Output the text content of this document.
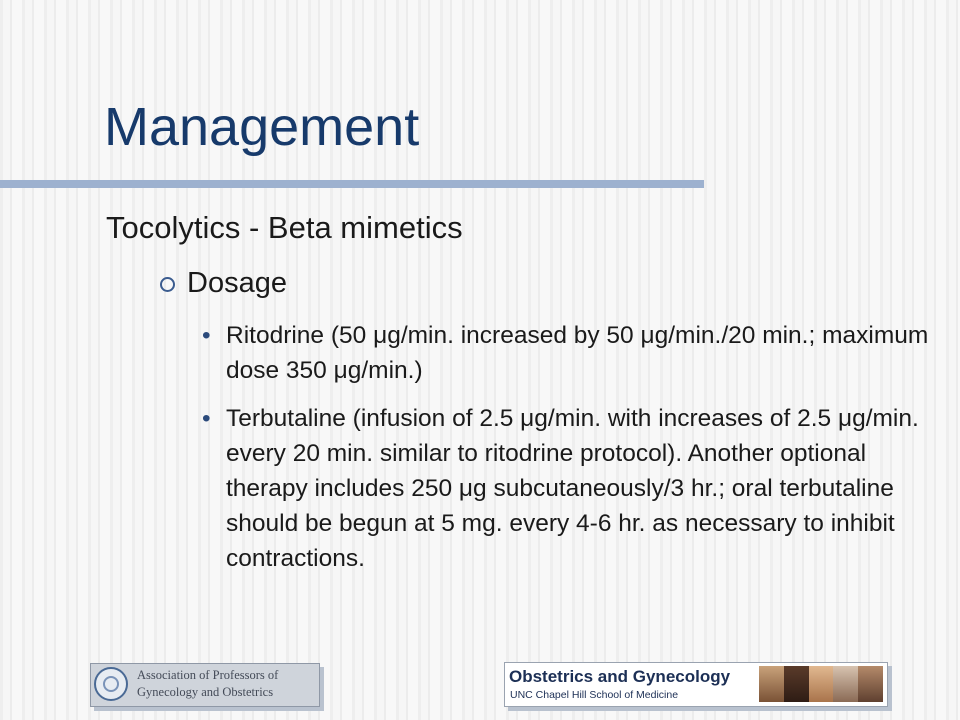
Management
Tocolytics - Beta mimetics
Dosage
• Ritodrine (50 μg/min. increased by 50 μg/min./20 min.; maximum dose 350 μg/min.)
• Terbutaline (infusion of 2.5 μg/min. with increases of 2.5 μg/min. every 20 min. similar to ritodrine protocol). Another optional therapy includes 250 μg subcutaneously/3 hr.; oral terbutaline should be begun at 5 mg. every 4-6 hr. as necessary to inhibit contractions.
Association of Professors of
Gynecology and Obstetrics
Obstetrics and Gynecology
UNC Chapel Hill School of Medicine
